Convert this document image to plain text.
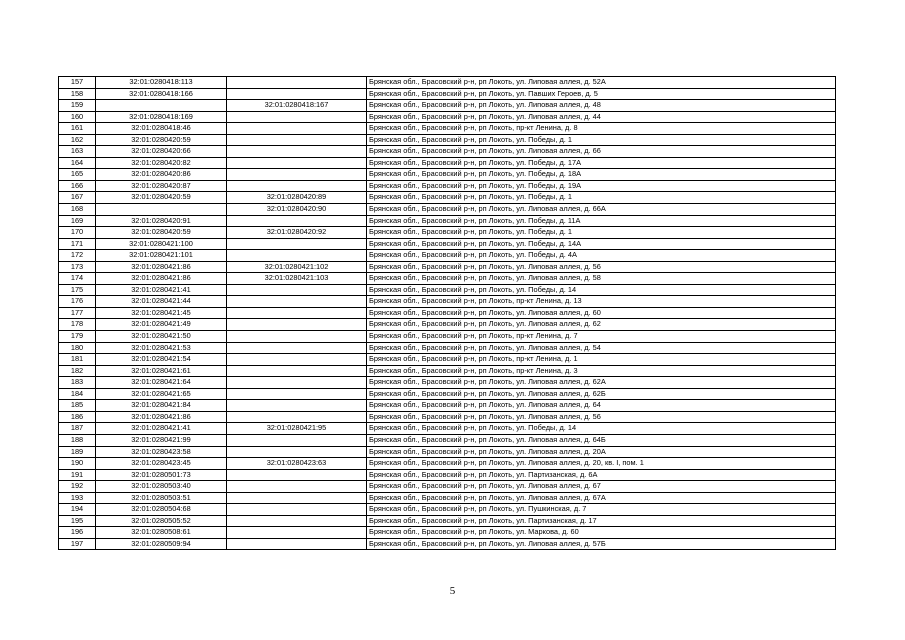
157	32:01:0280418:113		Брянская обл., Брасовский р-н, рп Локоть, ул. Липовая аллея, д. 52А
158	32:01:0280418:166		Брянская обл., Брасовский р-н, рп Локоть, ул. Павших Героев, д. 5
159		32:01:0280418:167	Брянская обл., Брасовский р-н, рп Локоть, ул. Липовая аллея, д. 48
160	32:01:0280418:169		Брянская обл., Брасовский р-н, рп Локоть, ул. Липовая аллея, д. 44
161	32:01:0280418:46		Брянская обл., Брасовский р-н, рп Локоть, пр-кт Ленина, д. 8
162	32:01:0280420:59		Брянская обл., Брасовский р-н, рп Локоть, ул. Победы, д. 1
163	32:01:0280420:66		Брянская обл., Брасовский р-н, рп Локоть, ул. Липовая аллея, д. 66
164	32:01:0280420:82		Брянская обл., Брасовский р-н, рп Локоть, ул. Победы, д. 17А
165	32:01:0280420:86		Брянская обл., Брасовский р-н, рп Локоть, ул. Победы, д. 18А
166	32:01:0280420:87		Брянская обл., Брасовский р-н, рп Локоть, ул. Победы, д. 19А
167	32:01:0280420:59	32:01:0280420:89	Брянская обл., Брасовский р-н, рп Локоть, ул. Победы, д. 1
168		32:01:0280420:90	Брянская обл., Брасовский р-н, рп Локоть, ул. Липовая аллея, д. 66А
169	32:01:0280420:91		Брянская обл., Брасовский р-н, рп Локоть, ул. Победы, д. 11А
170	32:01:0280420:59	32:01:0280420:92	Брянская обл., Брасовский р-н, рп Локоть, ул. Победы, д. 1
171	32:01:0280421:100		Брянская обл., Брасовский р-н, рп Локоть, ул. Победы, д. 14А
172	32:01:0280421:101		Брянская обл., Брасовский р-н, рп Локоть, ул. Победы, д. 4А
173	32:01:0280421:86	32:01:0280421:102	Брянская обл., Брасовский р-н, рп Локоть, ул. Липовая аллея, д. 56
174	32:01:0280421:86	32:01:0280421:103	Брянская обл., Брасовский р-н, рп Локоть, ул. Липовая аллея, д. 58
175	32:01:0280421:41		Брянская обл., Брасовский р-н, рп Локоть, ул. Победы, д. 14
176	32:01:0280421:44		Брянская обл., Брасовский р-н, рп Локоть, пр-кт Ленина, д. 13
177	32:01:0280421:45		Брянская обл., Брасовский р-н, рп Локоть, ул. Липовая аллея, д. 60
178	32:01:0280421:49		Брянская обл., Брасовский р-н, рп Локоть, ул. Липовая аллея, д. 62
179	32:01:0280421:50		Брянская обл., Брасовский р-н, рп Локоть, пр-кт Ленина, д. 7
180	32:01:0280421:53		Брянская обл., Брасовский р-н, рп Локоть, ул. Липовая аллея, д. 54
181	32:01:0280421:54		Брянская обл., Брасовский р-н, рп Локоть, пр-кт Ленина, д. 1
182	32:01:0280421:61		Брянская обл., Брасовский р-н, рп Локоть, пр-кт Ленина, д. 3
183	32:01:0280421:64		Брянская обл., Брасовский р-н, рп Локоть, ул. Липовая аллея, д. 62А
184	32:01:0280421:65		Брянская обл., Брасовский р-н, рп Локоть, ул. Липовая аллея, д. 62Б
185	32:01:0280421:84		Брянская обл., Брасовский р-н, рп Локоть, ул. Липовая аллея, д. 64
186	32:01:0280421:86		Брянская обл., Брасовский р-н, рп Локоть, ул. Липовая аллея, д. 56
187	32:01:0280421:41	32:01:0280421:95	Брянская обл., Брасовский р-н, рп Локоть, ул. Победы, д. 14
188	32:01:0280421:99		Брянская обл., Брасовский р-н, рп Локоть, ул. Липовая аллея, д. 64Б
189	32:01:0280423:58		Брянская обл., Брасовский р-н, рп Локоть, ул. Липовая аллея, д. 20А
190	32:01:0280423:45	32:01:0280423:63	Брянская обл., Брасовский р-н, рп Локоть, ул. Липовая аллея, д. 20, кв. I, пом. 1
191	32:01:0280501:73		Брянская обл., Брасовский р-н, рп Локоть, ул. Партизанская, д. 6А
192	32:01:0280503:40		Брянская обл., Брасовский р-н, рп Локоть, ул. Липовая аллея, д. 67
193	32:01:0280503:51		Брянская обл., Брасовский р-н, рп Локоть, ул. Липовая аллея, д. 67А
194	32:01:0280504:68		Брянская обл., Брасовский р-н, рп Локоть, ул. Пушкинская, д. 7
195	32:01:0280505:52		Брянская обл., Брасовский р-н, рп Локоть, ул. Партизанская, д. 17
196	32:01:0280508:61		Брянская обл., Брасовский р-н, рп Локоть, ул. Маркова, д. 60
197	32:01:0280509:94		Брянская обл., Брасовский р-н, рп Локоть, ул. Липовая аллея, д. 57Б
5
